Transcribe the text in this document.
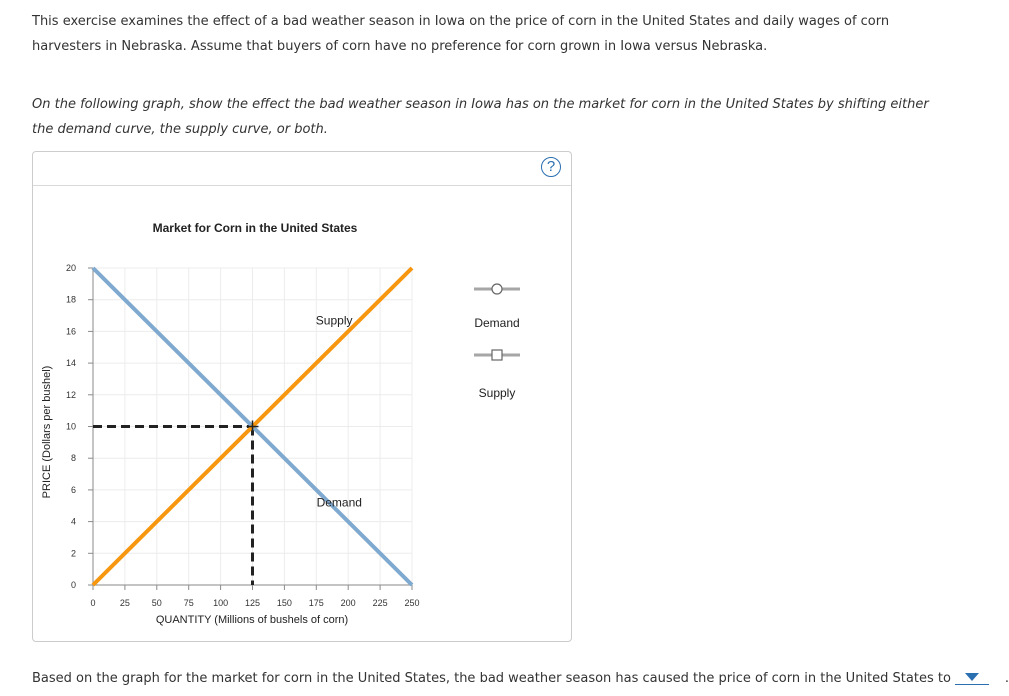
This exercise examines the effect of a bad weather season in Iowa on the price of corn in the United States and daily wages of corn harvesters in Nebraska. Assume that buyers of corn have no preference for corn grown in Iowa versus Nebraska.
On the following graph, show the effect the bad weather season in Iowa has on the market for corn in the United States by shifting either the demand curve, the supply curve, or both.
?
0	25 50 75 100 125 150 175 200 225 250
0
2
4
6
8
10
12
14
16
18
20
Market for Corn in the United States
QUANTITY (Millions of bushels of corn)
PRICE (Dollars per bushel)
Supply
Demand
Demand
Supply
Based on the graph for the market for corn in the United States, the bad weather season has caused the price of corn in the United States to	.
